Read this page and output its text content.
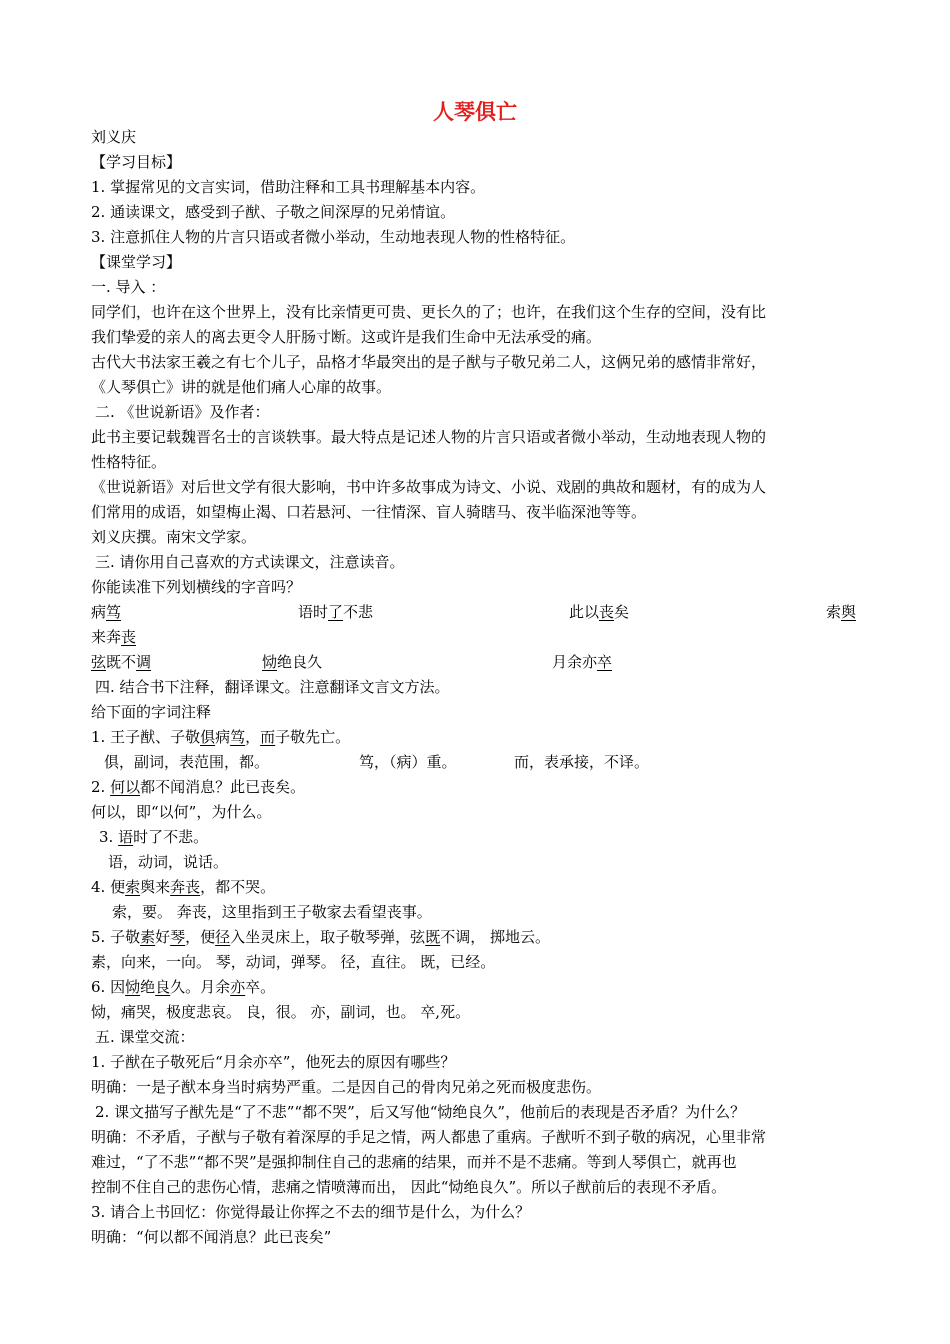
人琴俱亡
刘义庆
【学习目标】
1. 掌握常见的文言实词，借助注释和工具书理解基本内容。
2. 通读课文，感受到子猷、子敬之间深厚的兄弟情谊。
3. 注意抓住人物的片言只语或者微小举动，生动地表现人物的性格特征。
【课堂学习】
一. 导入 ：
同学们，也许在这个世界上，没有比亲情更可贵、更长久的了；也许，在我们这个生存的空间，没有比
我们挚爱的亲人的离去更令人肝肠寸断。这或许是我们生命中无法承受的痛。
古代大书法家王羲之有七个儿子，品格才华最突出的是子猷与子敬兄弟二人，这俩兄弟的感情非常好，
《人琴俱亡》讲的就是他们痛人心扉的故事。
二. 《世说新语》及作者：
此书主要记载魏晋名士的言谈轶事。最大特点是记述人物的片言只语或者微小举动，生动地表现人物的
性格特征。
《世说新语》对后世文学有很大影响，书中许多故事成为诗文、小说、戏剧的典故和题材，有的成为人
们常用的成语，如望梅止渴、口若悬河、一往情深、盲人骑瞎马、夜半临深池等等。
刘义庆撰。南宋文学家。
三. 请你用自己喜欢的方式读课文，注意读音。
你能读准下列划横线的字音吗？
病笃	语时了不悲	此以丧矣	索舆
来奔丧
弦既不调	恸绝良久	月余亦卒
四. 结合书下注释，翻译课文。注意翻译文言文方法。
给下面的字词注释
1. 王子猷、子敬俱病笃，而子敬先亡。
俱，副词，表范围，都。	笃，（病）重。	而，表承接，不译。
2. 何以都不闻消息？此已丧矣。
何以，即“以何”，为什么。
3. 语时了不悲。
语，动词，说话。
4. 便索舆来奔丧，都不哭。
索，要。 奔丧，这里指到王子敬家去看望丧事。
5. 子敬素好琴，便径入坐灵床上，取子敬琴弹，弦既不调， 掷地云。
素，向来，一向。 琴，动词，弹琴。 径，直往。 既，已经。
6. 因恸绝良久。月余亦卒。
恸，痛哭，极度悲哀。 良，很。 亦，副词，也。 卒,死。
五. 课堂交流：
1. 子猷在子敬死后“月余亦卒”，他死去的原因有哪些？
明确：一是子猷本身当时病势严重。二是因自己的骨肉兄弟之死而极度悲伤。
2. 课文描写子猷先是“了不悲”“都不哭”，后又写他“恸绝良久”，他前后的表现是否矛盾？为什么？
明确：不矛盾，子猷与子敬有着深厚的手足之情，两人都患了重病。子猷听不到子敬的病况，心里非常
难过，“了不悲”“都不哭”是强抑制住自己的悲痛的结果，而并不是不悲痛。等到人琴俱亡，就再也
控制不住自己的悲伤心情，悲痛之情喷薄而出， 因此“恸绝良久”。所以子猷前后的表现不矛盾。
3. 请合上书回忆：你觉得最让你挥之不去的细节是什么，为什么？
明确：“何以都不闻消息？此已丧矣”
